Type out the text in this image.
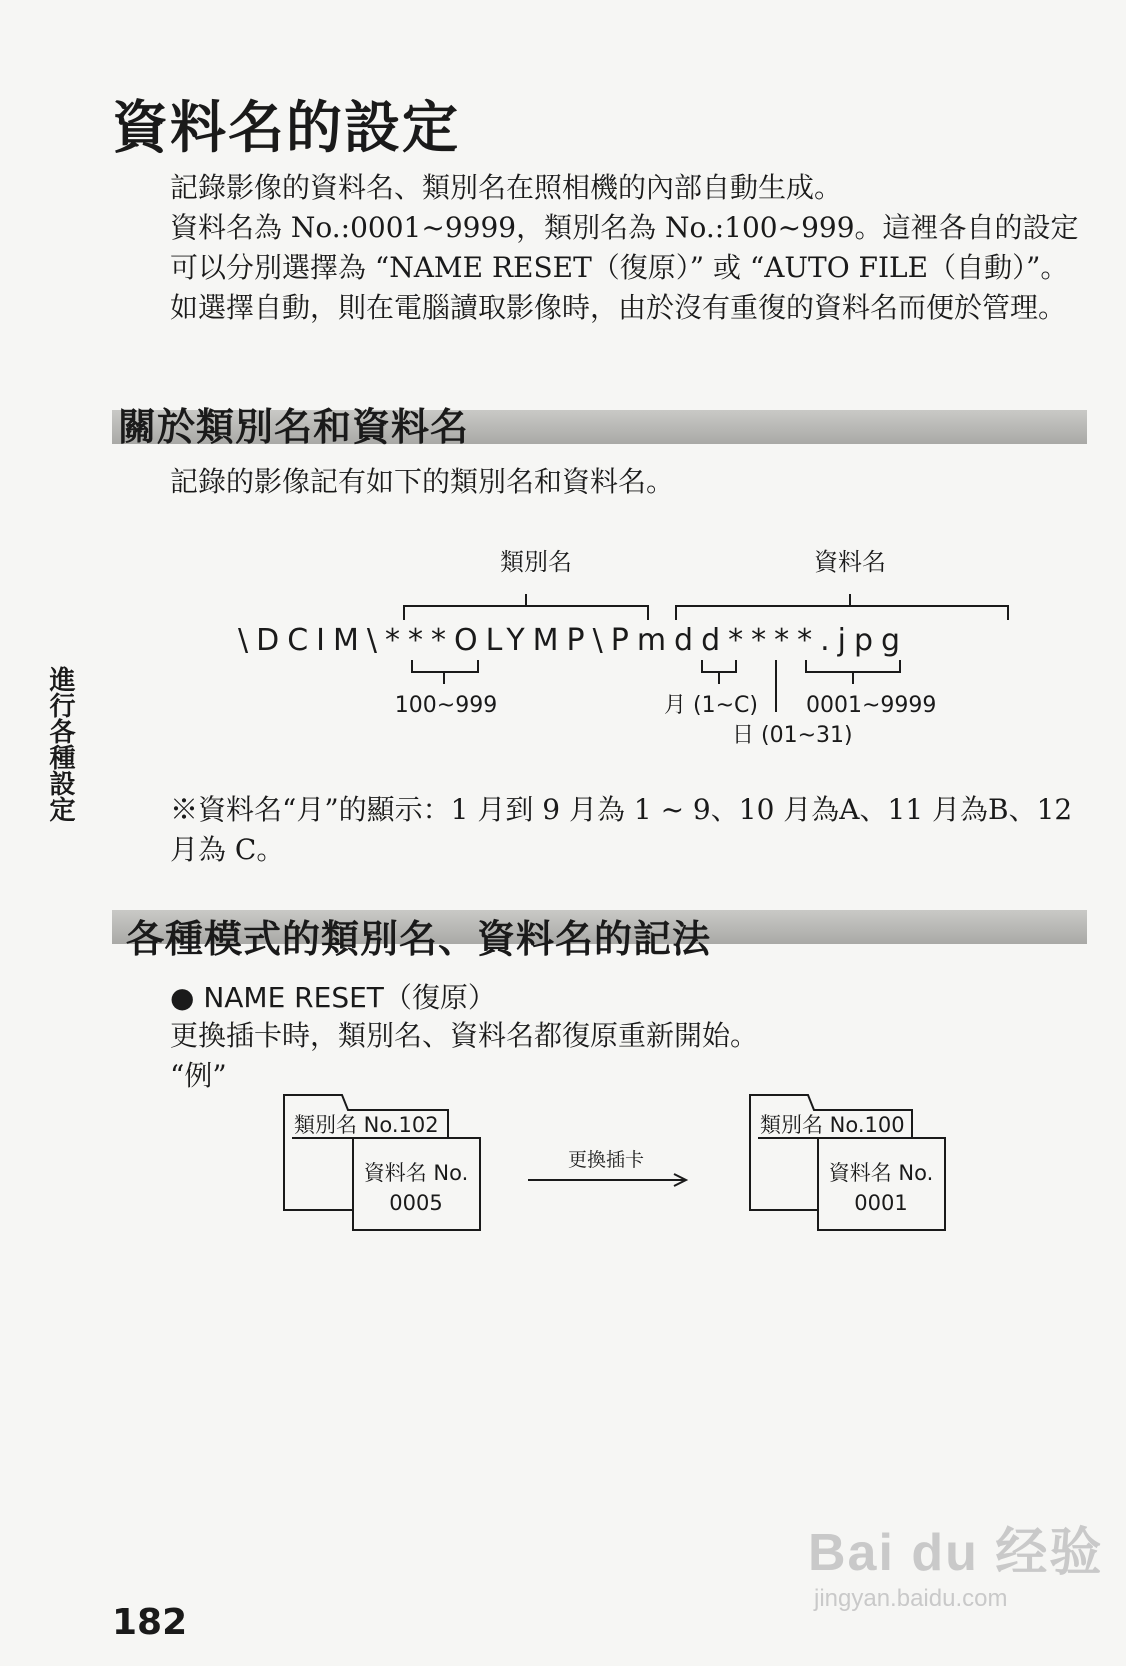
資料名的設定

記錄影像的資料名、類別名在照相機的內部自動生成。

資料名為 No.:0001~9999，類別名為 No.:100~999。這裡各自的設定可以分別選擇為 “NAME RESET（復原）” 或 “AUTO FILE（自動）”。

如選擇自動，則在電腦讀取影像時，由於沒有重復的資料名而便於管理。

關於類別名和資料名
記錄的影像記有如下的類別名和資料名。
類別名	資料名
\DCIM\***OLYMP\Pmdd****.jpg
100~999	月 (1~C) 0001~9999
日 (01~31)
※資料名“月”的顯示：1 月到 9 月為 1 ~ 9、10 月為A、11 月為B、12 月為 C。
各種模式的類別名、資料名的記法
● NAME RESET（復原）
更換插卡時，類別名、資料名都復原重新開始。
“例”
類別名 No.102
資料名 No.
0005
更換插卡
類別名 No.100
資料名 No.
0001
進行各種設定
182
Bai du 经验
jingyan.baidu.com
